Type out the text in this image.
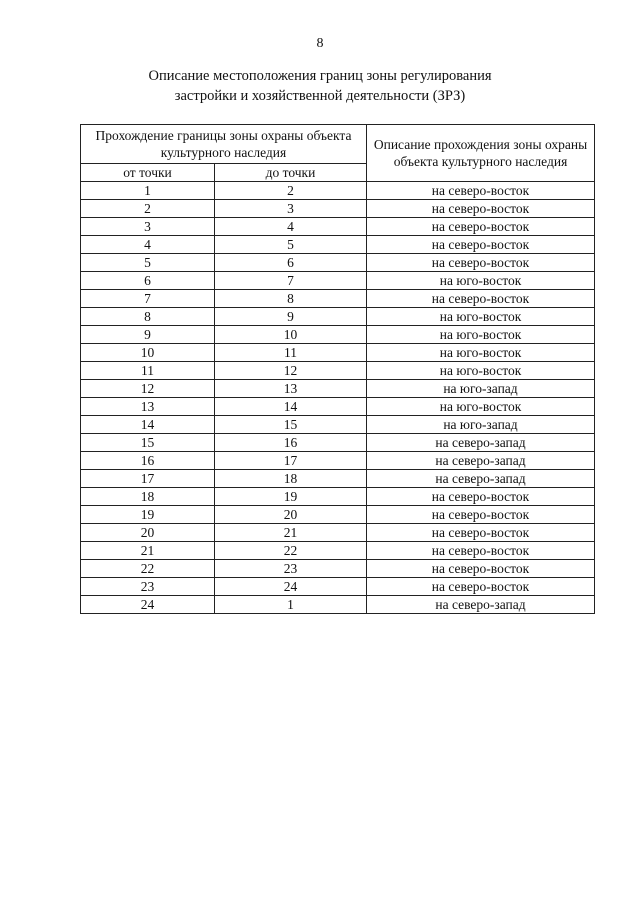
8
Описание местоположения границ зоны регулирования
застройки и хозяйственной деятельности (ЗРЗ)
Прохождение границы зоны охраны объекта культурного наследия		Описание прохождения зоны охраны объекта культурного наследия
от точки	до точки	
1	2	на северо-восток
2	3	на северо-восток
3	4	на северо-восток
4	5	на северо-восток
5	6	на северо-восток
6	7	на юго-восток
7	8	на северо-восток
8	9	на юго-восток
9	10	на юго-восток
10	11	на юго-восток
11	12	на юго-восток
12	13	на юго-запад
13	14	на юго-восток
14	15	на юго-запад
15	16	на северо-запад
16	17	на северо-запад
17	18	на северо-запад
18	19	на северо-восток
19	20	на северо-восток
20	21	на северо-восток
21	22	на северо-восток
22	23	на северо-восток
23	24	на северо-восток
24	1	на северо-запад
